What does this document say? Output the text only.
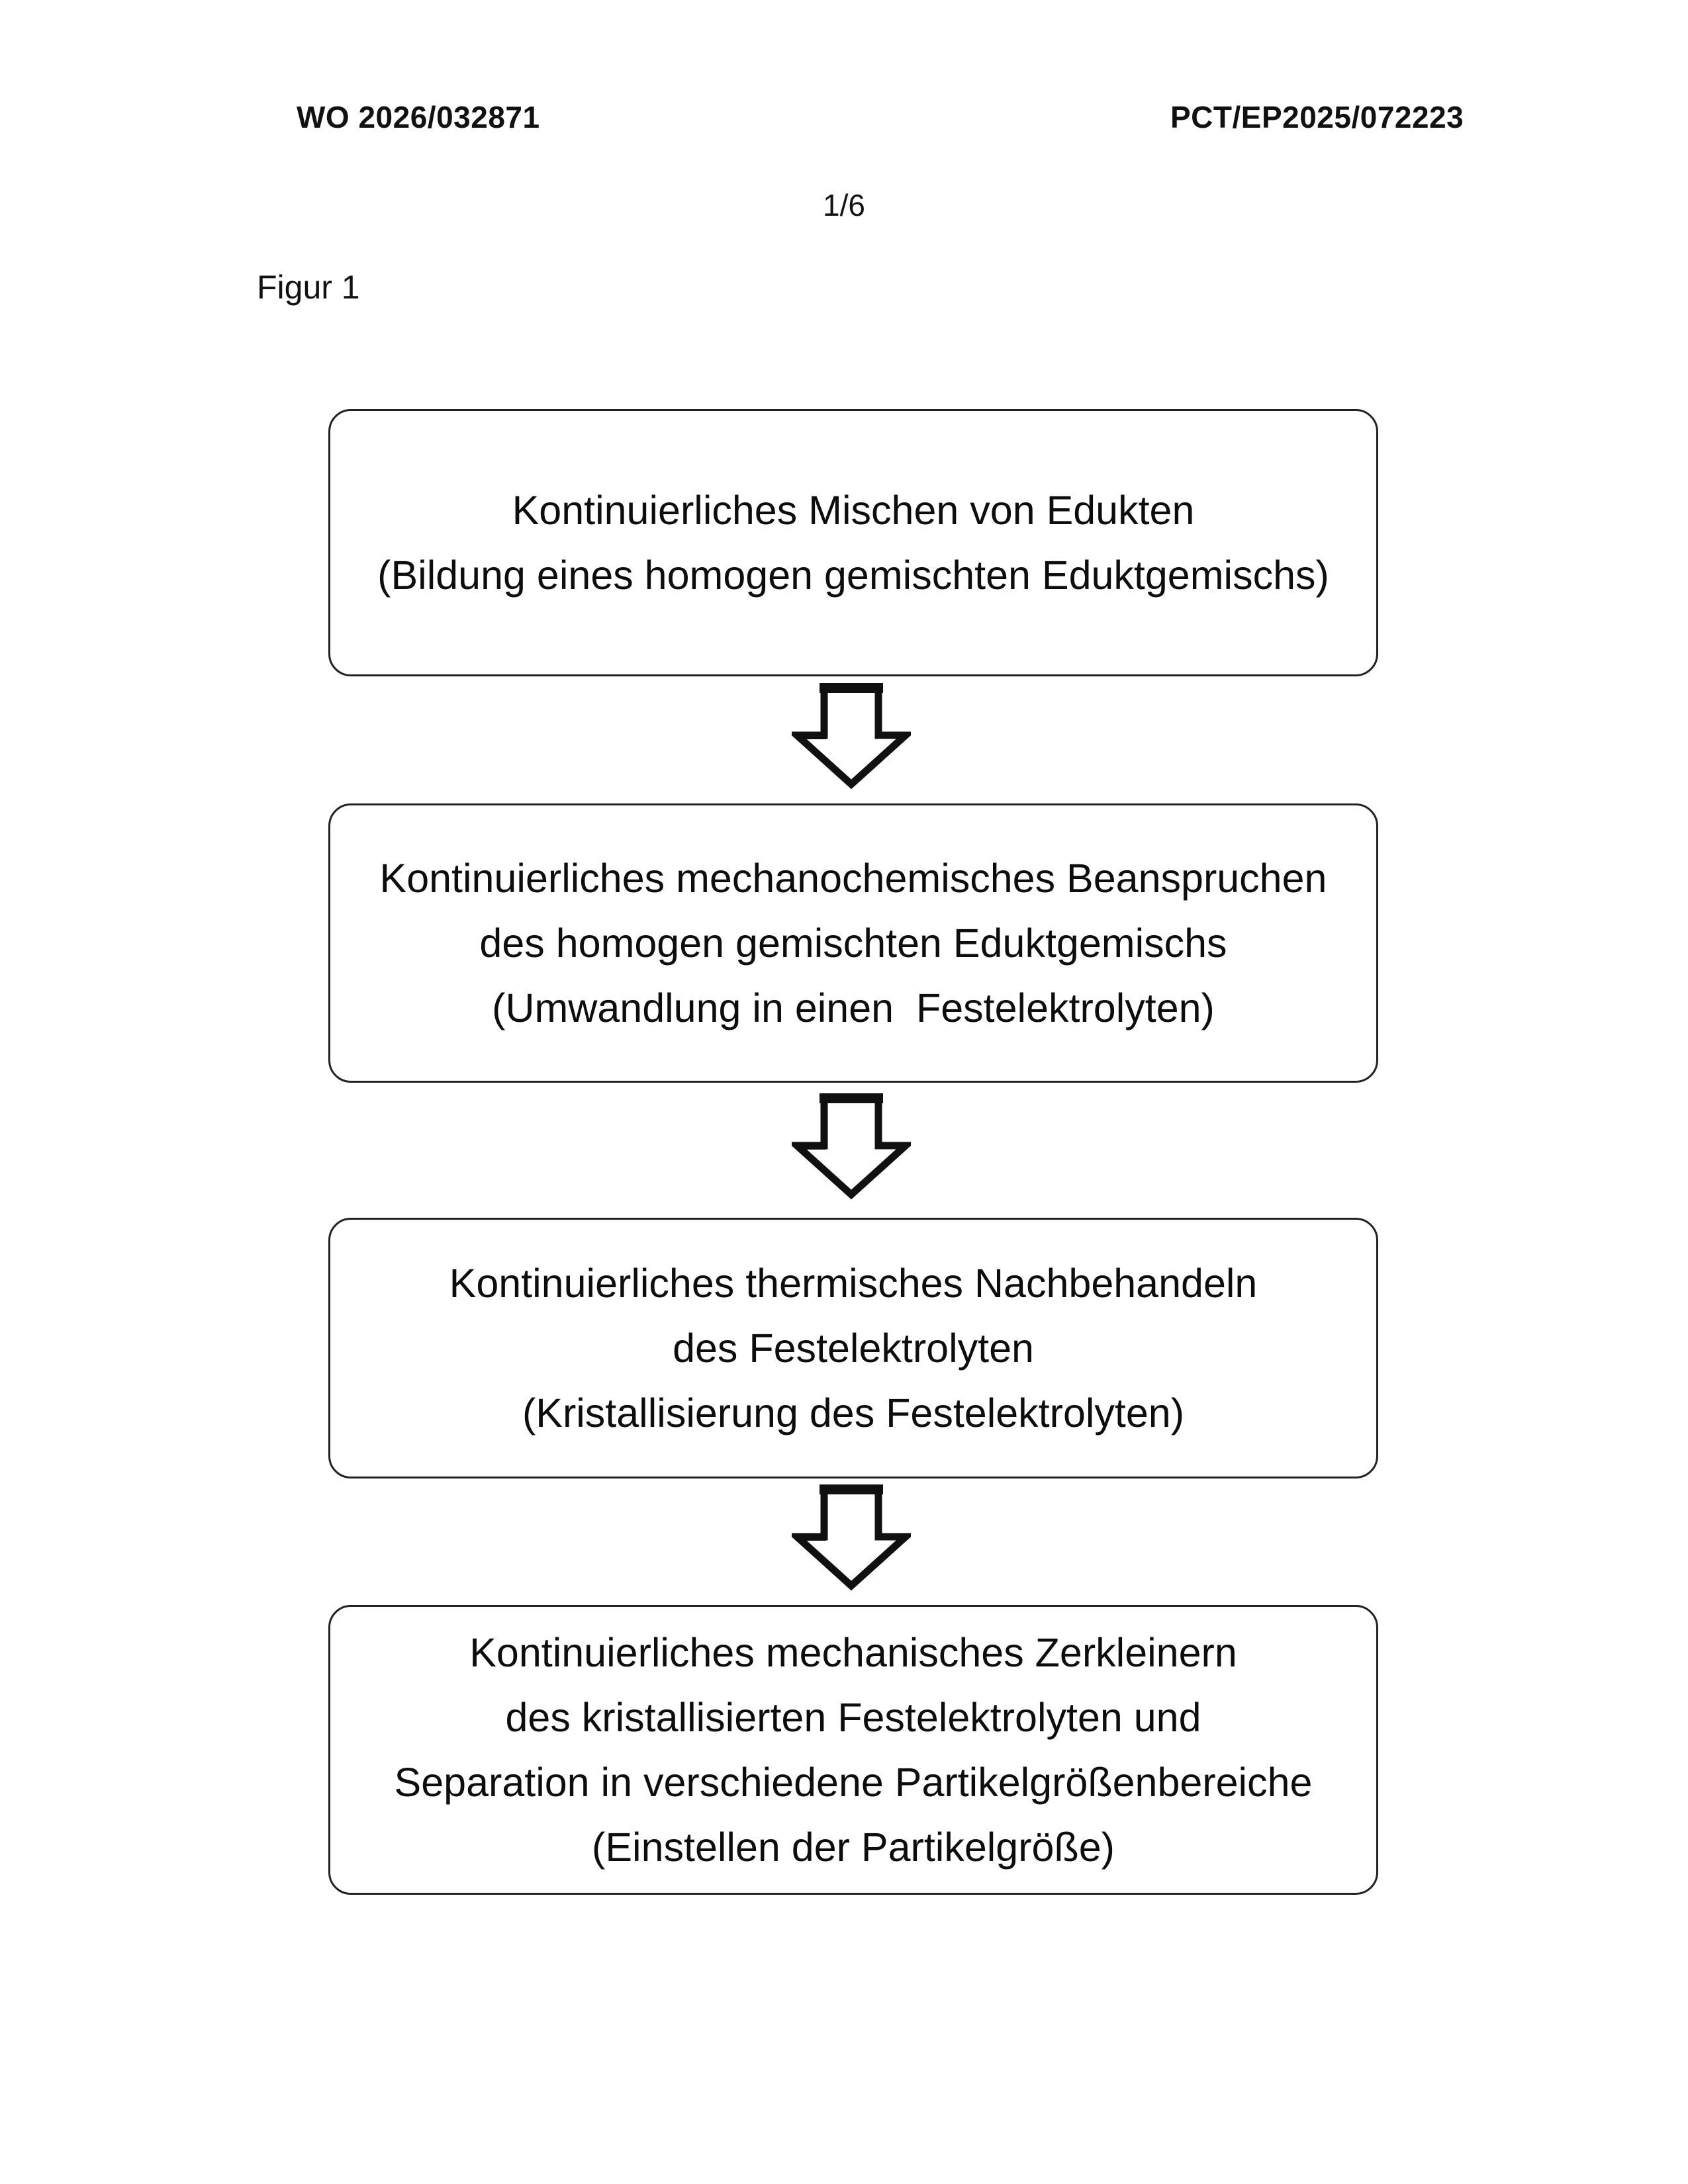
WO 2026/032871	PCT/EP2025/072223
1/6
Figur 1
Kontinuierliches Mischen von Edukten
(Bildung eines homogen gemischten Eduktgemischs)
Kontinuierliches mechanochemisches Beanspruchen
des homogen gemischten Eduktgemischs
(Umwandlung in einen  Festelektrolyten)
Kontinuierliches thermisches Nachbehandeln
des Festelektrolyten
(Kristallisierung des Festelektrolyten)
Kontinuierliches mechanisches Zerkleinern
des kristallisierten Festelektrolyten und
Separation in verschiedene Partikelgrößenbereiche
(Einstellen der Partikelgröße)
